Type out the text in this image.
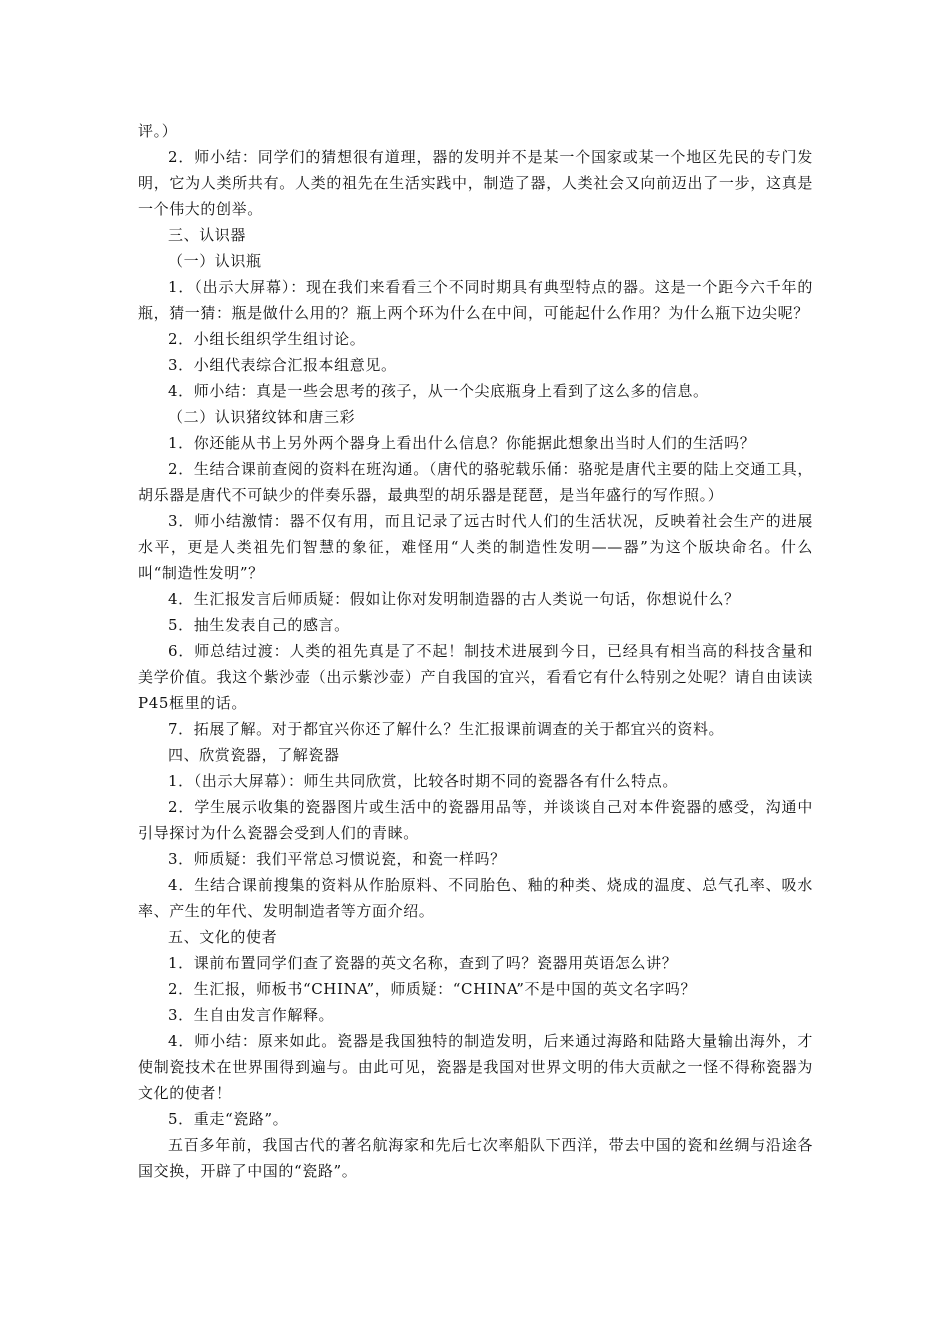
评。）

2．师小结：同学们的猜想很有道理，器的发明并不是某一个国家或某一个地区先民的专门发明，它为人类所共有。人类的祖先在生活实践中，制造了器，人类社会又向前迈出了一步，这真是一个伟大的创举。

三、认识器

（一）认识瓶

1．（出示大屏幕）：现在我们来看看三个不同时期具有典型特点的器。这是一个距今六千年的瓶，猜一猜：瓶是做什么用的？瓶上两个环为什么在中间，可能起什么作用？为什么瓶下边尖呢？

2．小组长组织学生组讨论。

3．小组代表综合汇报本组意见。

4．师小结：真是一些会思考的孩子，从一个尖底瓶身上看到了这么多的信息。

（二）认识猪纹钵和唐三彩

1．你还能从书上另外两个器身上看出什么信息？你能据此想象出当时人们的生活吗？

2．生结合课前查阅的资料在班沟通。（唐代的骆驼载乐俑：骆驼是唐代主要的陆上交通工具，胡乐器是唐代不可缺少的伴奏乐器，最典型的胡乐器是琵琶，是当年盛行的写作照。）

3．师小结激情：器不仅有用，而且记录了远古时代人们的生活状况，反映着社会生产的进展水平，更是人类祖先们智慧的象征，难怪用“人类的制造性发明——器”为这个版块命名。什么叫“制造性发明”？

4．生汇报发言后师质疑：假如让你对发明制造器的古人类说一句话，你想说什么？

5．抽生发表自己的感言。

6．师总结过渡：人类的祖先真是了不起！制技术进展到今日，已经具有相当高的科技含量和美学价值。我这个紫沙壶（出示紫沙壶）产自我国的宜兴，看看它有什么特别之处呢？请自由读读P45框里的话。

7．拓展了解。对于都宜兴你还了解什么？生汇报课前调查的关于都宜兴的资料。

四、欣赏瓷器，了解瓷器

1．（出示大屏幕）：师生共同欣赏，比较各时期不同的瓷器各有什么特点。

2．学生展示收集的瓷器图片或生活中的瓷器用品等，并谈谈自己对本件瓷器的感受，沟通中引导探讨为什么瓷器会受到人们的青睐。

3．师质疑：我们平常总习惯说瓷，和瓷一样吗？

4．生结合课前搜集的资料从作胎原料、不同胎色、釉的种类、烧成的温度、总气孔率、吸水率、产生的年代、发明制造者等方面介绍。

五、文化的使者

1．课前布置同学们查了瓷器的英文名称，查到了吗？瓷器用英语怎么讲？

2．生汇报，师板书“CHINA”，师质疑：“CHINA”不是中国的英文名字吗？

3．生自由发言作解释。

4．师小结：原来如此。瓷器是我国独特的制造发明，后来通过海路和陆路大量输出海外，才使制瓷技术在世界围得到遍与。由此可见，瓷器是我国对世界文明的伟大贡献之一怪不得称瓷器为文化的使者！

5．重走“瓷路”。

五百多年前，我国古代的著名航海家和先后七次率船队下西洋，带去中国的瓷和丝绸与沿途各国交换，开辟了中国的“瓷路”。
